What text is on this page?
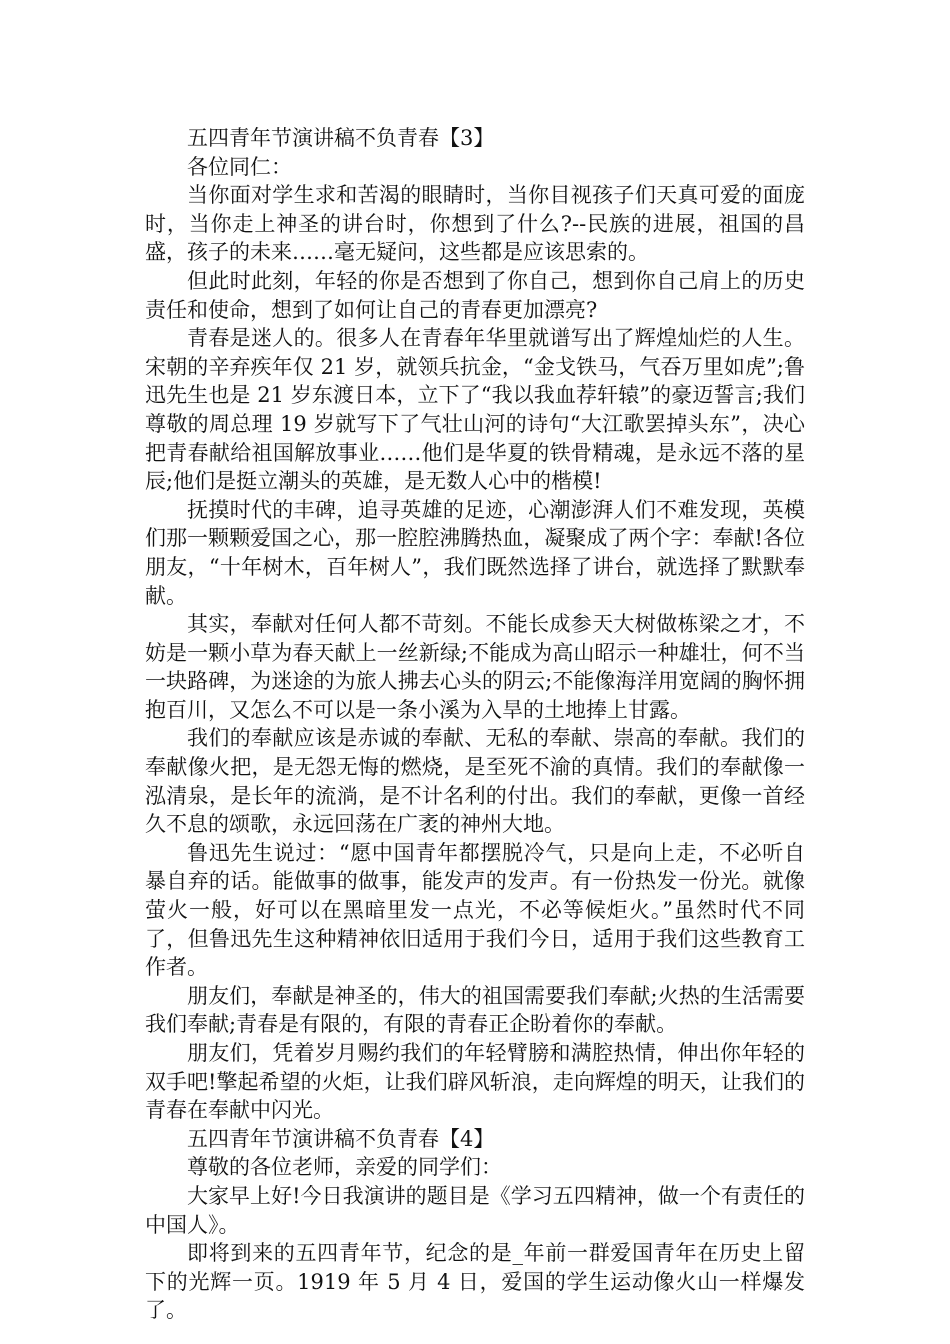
五四青年节演讲稿不负青春【3】

各位同仁：

当你面对学生求和苦渴的眼睛时，当你目视孩子们天真可爱的面庞时，当你走上神圣的讲台时，你想到了什么?--民族的进展，祖国的昌盛，孩子的未来……毫无疑问，这些都是应该思索的。

但此时此刻，年轻的你是否想到了你自己，想到你自己肩上的历史责任和使命，想到了如何让自己的青春更加漂亮?

青春是迷人的。很多人在青春年华里就谱写出了辉煌灿烂的人生。宋朝的辛弃疾年仅 21 岁，就领兵抗金，“金戈铁马，气吞万里如虎”;鲁迅先生也是 21 岁东渡日本，立下了“我以我血荐轩辕”的豪迈誓言;我们尊敬的周总理 19 岁就写下了气壮山河的诗句“大江歌罢掉头东”，决心把青春献给祖国解放事业……他们是华夏的铁骨精魂，是永远不落的星辰;他们是挺立潮头的英雄，是无数人心中的楷模!

抚摸时代的丰碑，追寻英雄的足迹，心潮澎湃人们不难发现，英模们那一颗颗爱国之心，那一腔腔沸腾热血，凝聚成了两个字：奉献!各位朋友，“十年树木，百年树人”，我们既然选择了讲台，就选择了默默奉献。

其实，奉献对任何人都不苛刻。不能长成参天大树做栋梁之才，不妨是一颗小草为春天献上一丝新绿;不能成为高山昭示一种雄壮，何不当一块路碑，为迷途的为旅人拂去心头的阴云;不能像海洋用宽阔的胸怀拥抱百川，又怎么不可以是一条小溪为入旱的土地捧上甘露。

我们的奉献应该是赤诚的奉献、无私的奉献、崇高的奉献。我们的奉献像火把，是无怨无悔的燃烧，是至死不渝的真情。我们的奉献像一泓清泉，是长年的流淌，是不计名利的付出。我们的奉献，更像一首经久不息的颂歌，永远回荡在广袤的神州大地。

鲁迅先生说过：“愿中国青年都摆脱冷气，只是向上走，不必听自暴自弃的话。能做事的做事，能发声的发声。有一份热发一份光。就像萤火一般，好可以在黑暗里发一点光，不必等候炬火。”虽然时代不同了，但鲁迅先生这种精神依旧适用于我们今日，适用于我们这些教育工作者。

朋友们，奉献是神圣的，伟大的祖国需要我们奉献;火热的生活需要我们奉献;青春是有限的，有限的青春正企盼着你的奉献。

朋友们，凭着岁月赐约我们的年轻臂膀和满腔热情，伸出你年轻的双手吧!擎起希望的火炬，让我们辟风斩浪，走向辉煌的明天，让我们的青春在奉献中闪光。

五四青年节演讲稿不负青春【4】

尊敬的各位老师，亲爱的同学们：

大家早上好!今日我演讲的题目是《学习五四精神，做一个有责任的中国人》。

即将到来的五四青年节，纪念的是_年前一群爱国青年在历史上留下的光辉一页。1919 年 5 月 4 日，爱国的学生运动像火山一样爆发了。
